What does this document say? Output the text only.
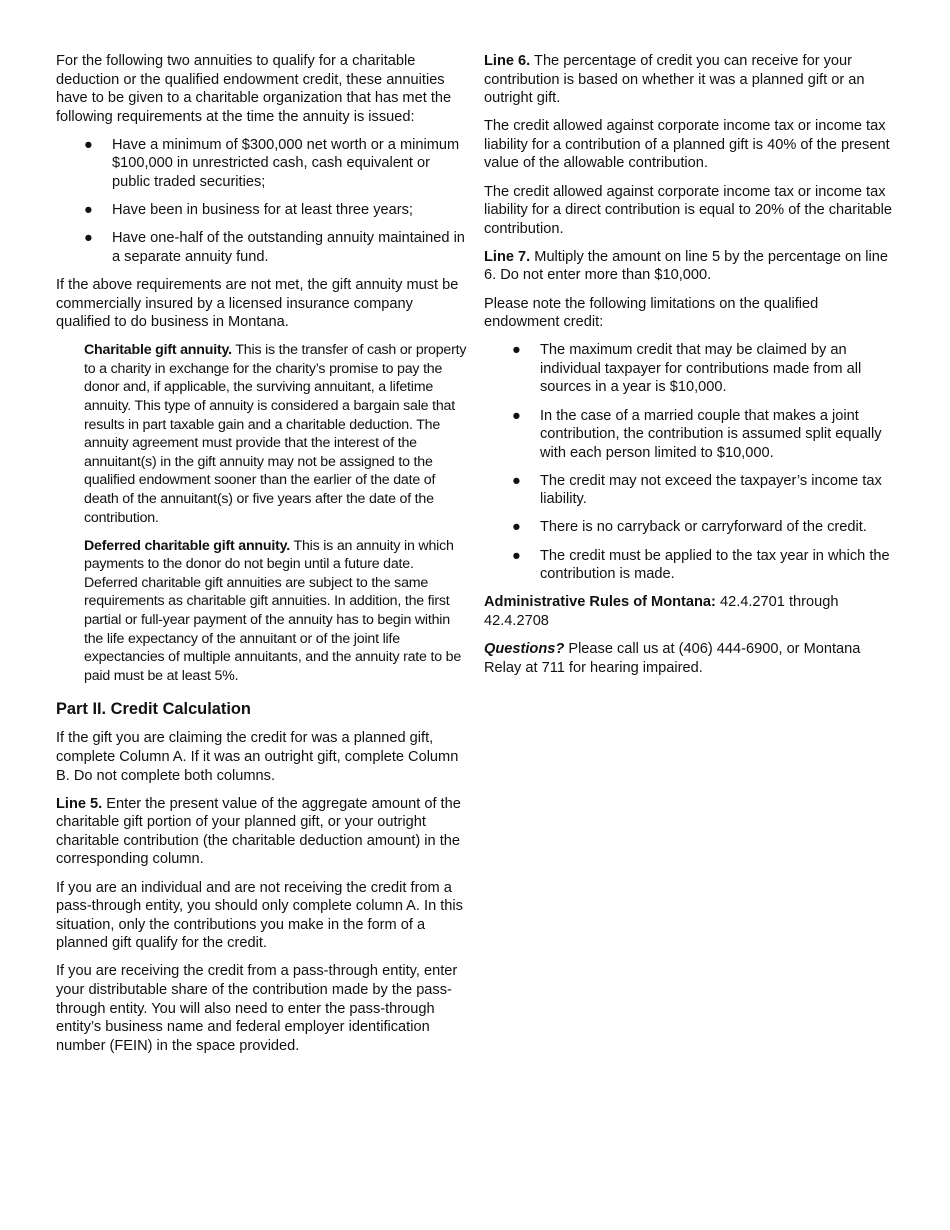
For the following two annuities to qualify for a charitable deduction or the qualified endowment credit, these annuities have to be given to a charitable organization that has met the following requirements at the time the annuity is issued:

● Have a minimum of $300,000 net worth or a minimum $100,000 in unrestricted cash, cash equivalent or public traded securities;
● Have been in business for at least three years;
● Have one-half of the outstanding annuity maintained in a separate annuity fund.

If the above requirements are not met, the gift annuity must be commercially insured by a licensed insurance company qualified to do business in Montana.

Charitable gift annuity. This is the transfer of cash or property to a charity in exchange for the charity’s promise to pay the donor and, if applicable, the surviving annuitant, a lifetime annuity. This type of annuity is considered a bargain sale that results in part taxable gain and a charitable deduction. The annuity agreement must provide that the interest of the annuitant(s) in the gift annuity may not be assigned to the qualified endowment sooner than the earlier of the date of death of the annuitant(s) or five years after the date of the contribution.

Deferred charitable gift annuity. This is an annuity in which payments to the donor do not begin until a future date. Deferred charitable gift annuities are subject to the same requirements as charitable gift annuities. In addition, the first partial or full-year payment of the annuity has to begin within the life expectancy of the annuitant or of the joint life expectancies of multiple annuitants, and the annuity rate to be paid must be at least 5%.

Part II. Credit Calculation

If the gift you are claiming the credit for was a planned gift, complete Column A. If it was an outright gift, complete Column B. Do not complete both columns.

Line 5. Enter the present value of the aggregate amount of the charitable gift portion of your planned gift, or your outright charitable contribution (the charitable deduction amount) in the corresponding column.

If you are an individual and are not receiving the credit from a pass-through entity, you should only complete column A. In this situation, only the contributions you make in the form of a planned gift qualify for the credit.

If you are receiving the credit from a pass-through entity, enter your distributable share of the contribution made by the pass-through entity. You will also need to enter the pass-through entity’s business name and federal employer identification number (FEIN) in the space provided.

Line 6. The percentage of credit you can receive for your contribution is based on whether it was a planned gift or an outright gift.

The credit allowed against corporate income tax or income tax liability for a contribution of a planned gift is 40% of the present value of the allowable contribution.

The credit allowed against corporate income tax or income tax liability for a direct contribution is equal to 20% of the charitable contribution.

Line 7. Multiply the amount on line 5 by the percentage on line 6. Do not enter more than $10,000.

Please note the following limitations on the qualified endowment credit:

● The maximum credit that may be claimed by an individual taxpayer for contributions made from all sources in a year is $10,000.
● In the case of a married couple that makes a joint contribution, the contribution is assumed split equally with each person limited to $10,000.
● The credit may not exceed the taxpayer’s income tax liability.
● There is no carryback or carryforward of the credit.
● The credit must be applied to the tax year in which the contribution is made.

Administrative Rules of Montana: 42.4.2701 through 42.4.2708

Questions? Please call us at (406) 444-6900, or Montana Relay at 711 for hearing impaired.
